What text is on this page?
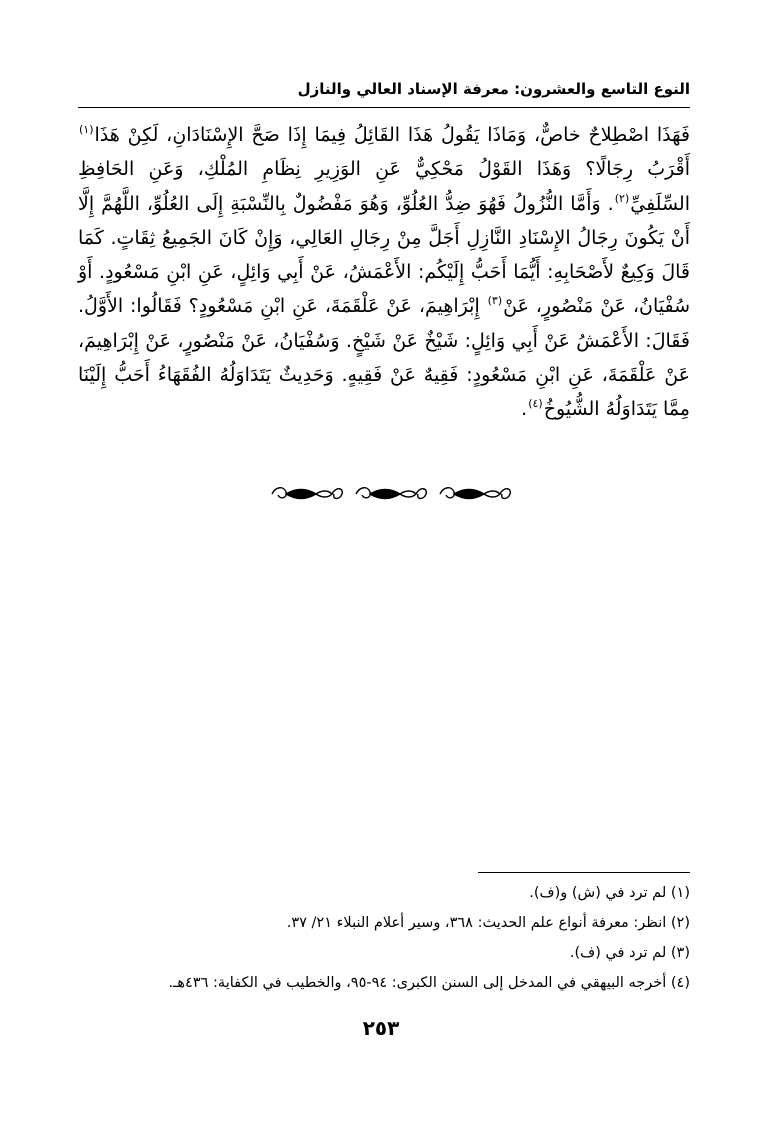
النوع التاسع والعشرون: معرفة الإسناد العالي والنازل

فَهَذَا اصْطِلاحٌ خاصٌّ، وَمَاذَا يَقُولُ هَذَا القَائِلُ فِيمَا إِذَا صَحَّ الإِسْنَادَانِ، لَكِنْ هَذَا$^{(١)}$ أَقْرَبُ رِجَالًا؟ وَهَذَا القَوْلُ مَحْكِيٌّ عَنِ الوَزِيرِ نِظَامِ المُلْكِ، وَعَنِ الحَافِظِ السِّلَفِيِّ$^{(٢)}$. وَأَمَّا النُّزُولُ فَهُوَ ضِدُّ العُلُوِّ، وَهُوَ مَفْضُولٌ بِالنِّسْبَةِ إِلَى العُلُوِّ، اللَّهُمَّ إِلَّا أَنْ يَكُونَ رِجَالُ الإِسْنَادِ النَّازِلِ أَجَلَّ مِنْ رِجَالِ العَالِي، وَإِنْ كَانَ الجَمِيعُ ثِقَاتٍ. كَمَا قَالَ وَكِيعٌ لأَصْحَابِهِ: أَيُّمَا أَحَبُّ إِلَيْكُم: الأَعْمَشُ، عَنْ أَبِي وَائِلٍ، عَنِ ابْنِ مَسْعُودٍ. أَوْ سُفْيَانُ، عَنْ مَنْصُورٍ، عَنْ$^{(٣)}$ إِبْرَاهِيمَ، عَنْ عَلْقَمَةَ، عَنِ ابْنِ مَسْعُودٍ؟ فَقَالُوا: الأَوَّلُ. فَقَالَ: الأَعْمَشُ عَنْ أَبِي وَائِلٍ: شَيْخٌ عَنْ شَيْخٍ. وَسُفْيَانُ، عَنْ مَنْصُورٍ، عَنْ إِبْرَاهِيمَ، عَنْ عَلْقَمَةَ، عَنِ ابْنِ مَسْعُودٍ: فَقِيهٌ عَنْ فَقِيهٍ. وَحَدِيثٌ يَتَدَاوَلُهُ الفُقَهَاءُ أَحَبُّ إِلَيْنَا مِمَّا يَتَدَاوَلُهُ الشُّيُوخُ$^{(٤)}$.

(١) لم ترد في (ش) و(ف).

(٢) انظر: معرفة أنواع علم الحديث: ٣٦٨، وسير أعلام النبلاء ٢١/ ٣٧.

(٣) لم ترد في (ف).

(٤) أخرجه البيهقي في المدخل إلى السنن الكبرى: ٩٤-٩٥، والخطيب في الكفاية: ٤٣٦هـ.

٢٥٣
